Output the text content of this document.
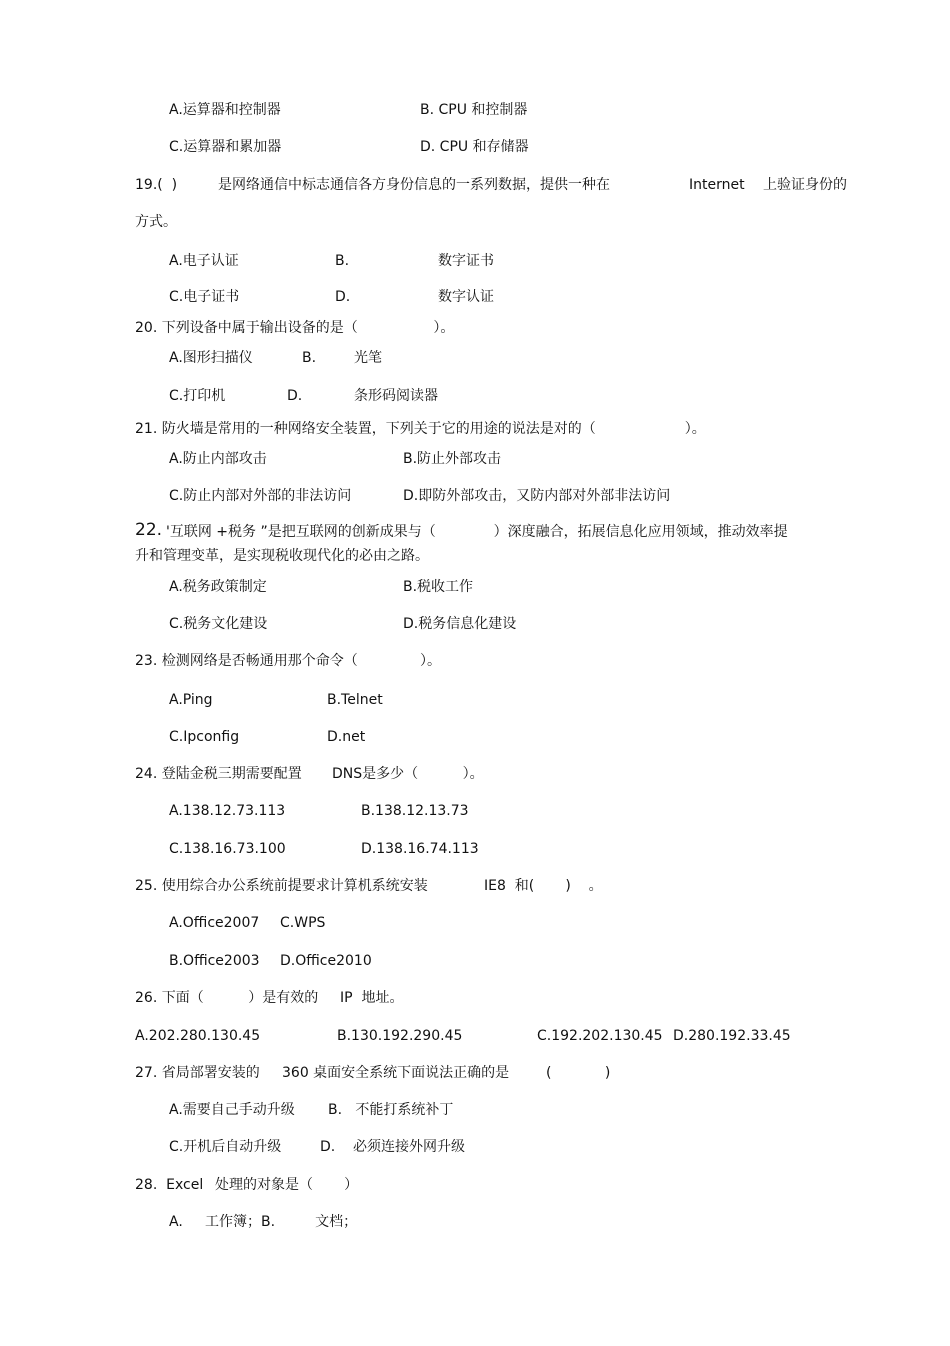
A.运算器和控制器	B. CPU 和控制器
C.运算器和累加器	D. CPU 和存储器
19.(  )	是网络通信中标志通信各方身份信息的一系列数据，提供一种在	Internet 上验证身份的
方式。
A.电子认证	B.	数字证书
C.电子证书	D.	数字认证
20. 下列设备中属于输出设备的是（                 ）。
A.图形扫描仪	B.	光笔
C.打印机	D.	条形码阅读器
21. 防火墙是常用的一种网络安全装置，下列关于它的用途的说法是对的（                    ）。
A.防止内部攻击	B.防止外部攻击
C.防止内部对外部的非法访问	D.即防外部攻击，又防内部对外部非法访问
22. '互联网 +税务 ”是把互联网的创新成果与（             ）深度融合，拓展信息化应用领域，推动效率提
升和管理变革，是实现税收现代化的必由之路。
A.税务政策制定	B.税收工作
C.税务文化建设	D.税务信息化建设
23. 检测网络是否畅通用那个命令（              ）。
A.Ping	B.Telnet
C.Ipconfig	D.net
24. 登陆金税三期需要配置 DNS是多少（          ）。
A.138.12.73.113	B.138.12.13.73
C.138.16.73.100	D.138.16.74.113
25. 使用综合办公系统前提要求计算机系统安装	IE8  和(       )    。
A.Office2007 C.WPS
B.Office2003 D.Office2010
26. 下面（          ）是有效的 IP  地址。
A.202.280.130.45	B.130.192.290.45	C.192.202.130.45 D.280.192.33.45
27. 省局部署安装的 360 桌面安全系统下面说法正确的是	(            )
A.需要自己手动升级 B.   不能打系统补丁
C.开机后自动升级	D.    必须连接外网升级
28.  Excel 处理的对象是（       ）
A.     工作簿；B.         文档；
